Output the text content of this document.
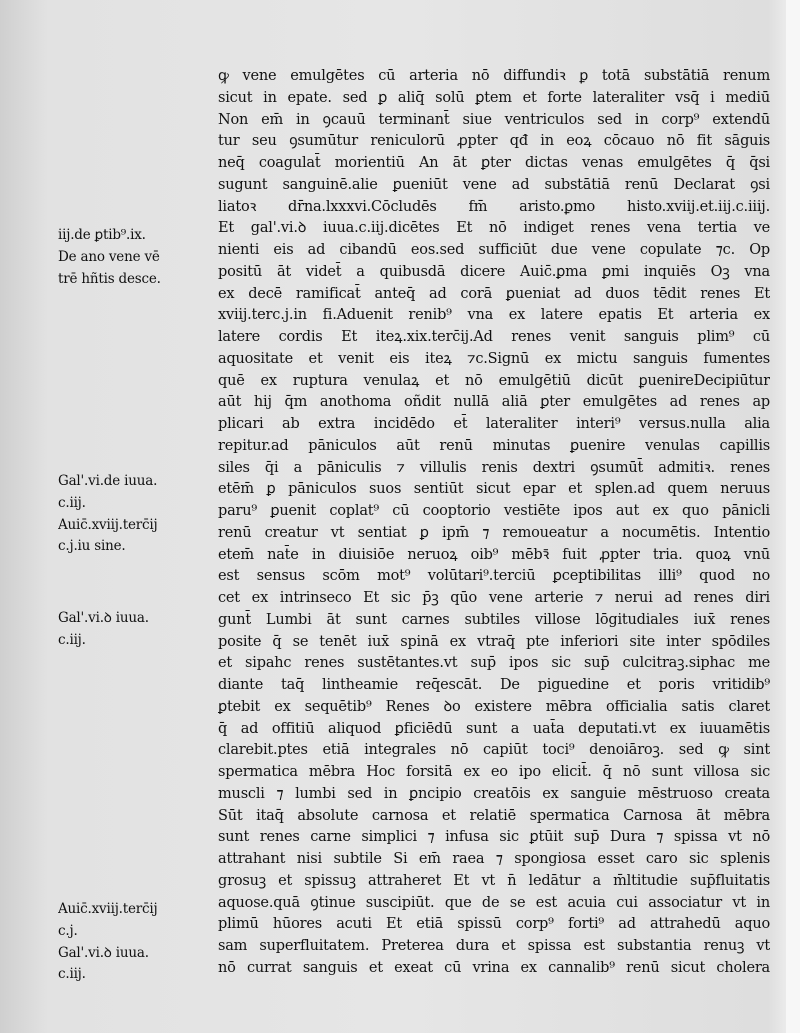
iij.de ꝑtib⁹.ix.
De ano vene vē
trē hñtis desce.
Gal'.vi.de iuua.
c.iij.
Auic̄.xviij.terc̄ij
c.j.iu sine.
Gal'.vi.ꝺ iuua.
c.iij.
Auic̄.xviij.terc̄ij
c.j.
Gal'.vi.ꝺ iuua.
c.iij.
ꝙ vene emulgētes cū arteria nō diffundiꝛ ꝑ totā substātiā renum
sicut in epate. sed ꝑ aliq̄ solū ꝑtem et forte lateraliter vsq̄ i mediū
Non em̄ in ꝯcauū terminant̄ siue ventriculos sed in corp⁹ extendū
tur seu ꝯsumūtur reniculorū ꝓpter qđ in eoꝝ cōcauo nō fit sāguis
neq̄ coagulat̄ morientiū An āt ꝑter dictas venas emulgētes q̄ q̄si
sugunt sanguinē.alie ꝑueniūt vene ad substātiā renū Declarat ꝯsi
liatoꝛ dr̄na.lxxxvi.Cōcludēs fm̄ aristo.ꝑmo histo.xviij.et.iij.c.iiij.
Et gal'.vi.ꝺ iuua.c.iij.dicētes Et nō indiget renes vena tertia ve
nienti eis ad cibandū eos.sed sufficiūt due vene copulate ⁊c. Op
positū āt videt̄ a quibusdā dicere Auic̄.ꝑma ꝑmi inquiēs Oꝫ vna
ex decē ramificat̄ anteq̄ ad corā ꝑueniat ad duos tēdit renes Et
xviij.terc.j.in fi.Aduenit renib⁹ vna ex latere epatis Et arteria ex
latere cordis Et iteꝝ.xix.terc̄ij.Ad renes venit sanguis plim⁹ cū
aquositate et venit eis iteꝝ ⁊c.Signū ex mictu sanguis fumentes
quē ex ruptura venulaꝝ et nō emulgētiū dicūt ꝑuenireDecipiūtur
aūt hij q̄m anothoma oñdit nullā aliā ꝑter emulgētes ad renes ap
plicari ab extra incidēdo et̄ lateraliter interi⁹ versus.nulla alia
repitur.ad pāniculos aūt renū minutas ꝑuenire venulas capillis
siles q̄i a pāniculis ⁊ villulis renis dextri ꝯsumūt̄ admitiꝛ. renes
etēm̄ ꝑ pāniculos suos sentiūt sicut epar et splen.ad quem neruus
paru⁹ ꝑuenit coplat⁹ cū cooptorio vestiēte ipos aut ex quo pānicli
renū creatur vt sentiat ꝑ ipm̄ ⁊ remoueatur a nocumētis. Intentio
etem̄ nat̄e in diuisiōe neruoꝝ oib⁹ mēbꝛ̄ fuit ꝓpter tria. quoꝝ vnū
est sensus scōm mot⁹ volūtari⁹.terciū ꝑceptibilitas illi⁹ quod no
cet ex intrinseco Et sic p̄ꝫ qūo vene arterie ⁊ nerui ad renes diri
gunt̄ Lumbi āt sunt carnes subtiles villose lōgitudiales iux̄ renes
posite q̄ se tenēt iux̄ spinā ex vtraq̄ pte inferiori site inter spōdiles
et sipahc renes sustētantes.vt sup̄ ipos sic sup̄ culcitraꝫ.siphac me
diante taq̄ lintheamie req̄escāt. De piguedine et poris vritidib⁹
ꝑtebit ex sequētib⁹ Renes ꝺo existere mēbra officialia satis claret
q̄ ad offitiū aliquod ꝑficiēdū sunt a uat̄a deputati.vt ex iuuamētis
clarebit.ptes etiā integrales nō capiūt toci⁹ denoiāroꝫ. sed ꝙ sint
spermatica mēbra Hoc forsitā ex eo ipo elicit̄. q̄ nō sunt villosa sic
muscli ⁊ lumbi sed in ꝑncipio creatōis ex sanguie mēstruoso creata
Sūt itaq̄ absolute carnosa et relatiē spermatica Carnosa āt mēbra
sunt renes carne simplici ⁊ infusa sic ꝑtūit sup̄ Dura ⁊ spissa vt nō
attrahant nisi subtile Si em̄ raea ⁊ spongiosa esset caro sic splenis
grosuꝫ et spissuꝫ attraheret Et vt n̄ ledātur a m̄ltitudie sup̄fluitatis
aquose.quā ꝯtinue suscipiūt. que de se est acuia cui associatur vt in
plimū hūores acuti Et etiā spissū corp⁹ forti⁹ ad attrahedū aquo
sam superfluitatem. Preterea dura et spissa est substantia renuꝫ vt
nō currat sanguis et exeat cū vrina ex cannalib⁹ renū sicut cholera
